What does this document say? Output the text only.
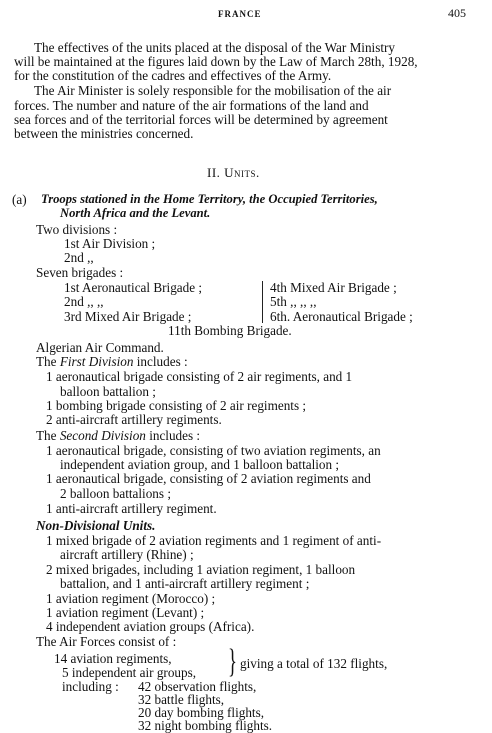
FRANCE	405
The effectives of the units placed at the disposal of the War Ministry
will be maintained at the figures laid down by the Law of March 28th, 1928,
for the constitution of the cadres and effectives of the Army.
The Air Minister is solely responsible for the mobilisation of the air
forces. The number and nature of the air formations of the land and
sea forces and of the territorial forces will be determined by agreement
between the ministries concerned.
II. Units.
(a) Troops stationed in the Home Territory, the Occupied Territories,
North Africa and the Levant.
Two divisions :
1st Air Division ;
2nd ,,
Seven brigades :
1st Aeronautical Brigade ;
2nd ,, ,,
3rd Mixed Air Brigade ;
4th Mixed Air Brigade ;
5th ,, ,, ,,
6th. Aeronautical Brigade ;
11th Bombing Brigade.
Algerian Air Command.
The First Division includes :
1 aeronautical brigade consisting of 2 air regiments, and 1
balloon battalion ;
1 bombing brigade consisting of 2 air regiments ;
2 anti-aircraft artillery regiments.
The Second Division includes :
1 aeronautical brigade, consisting of two aviation regiments, an
independent aviation group, and 1 balloon battalion ;
1 aeronautical brigade, consisting of 2 aviation regiments and
2 balloon battalions ;
1 anti-aircraft artillery regiment.
Non-Divisional Units.
1 mixed brigade of 2 aviation regiments and 1 regiment of anti-
aircraft artillery (Rhine) ;
2 mixed brigades, including 1 aviation regiment, 1 balloon
battalion, and 1 anti-aircraft artillery regiment ;
1 aviation regiment (Morocco) ;
1 aviation regiment (Levant) ;
4 independent aviation groups (Africa).
The Air Forces consist of :
14 aviation regiments,
5 independent air groups, } giving a total of 132 flights,
including : 42 observation flights,
32 battle flights,
20 day bombing flights,
32 night bombing flights.
